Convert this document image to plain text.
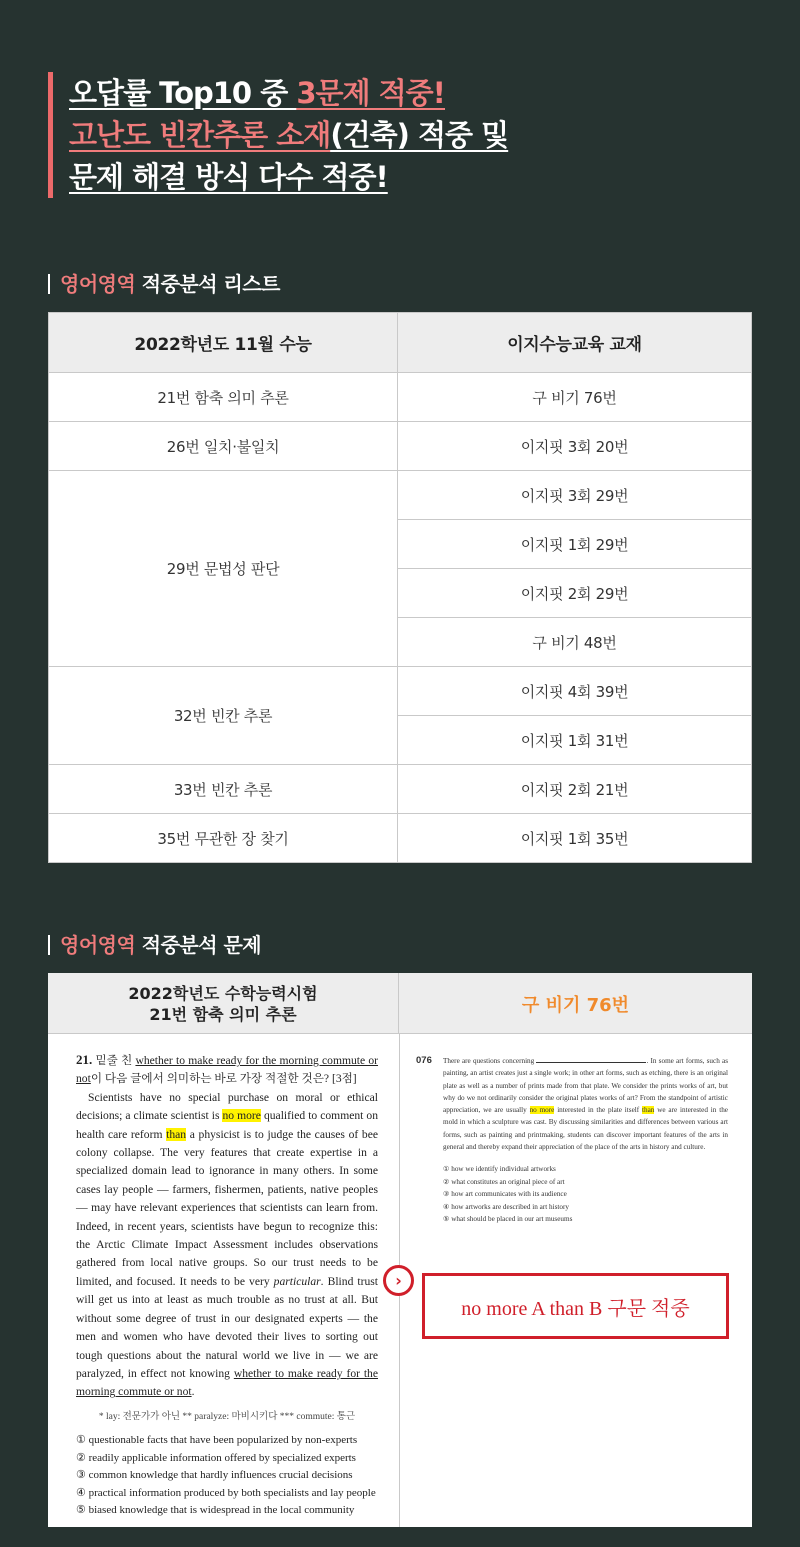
오답률 Top10 중 3문제 적중!
고난도 빈칸추론 소재(건축) 적중 및
문제 해결 방식 다수 적중!
영어영역 적중분석 리스트
2022학년도 11월 수능	이지수능교육 교재
21번 함축 의미 추론	구 비기 76번
26번 일치·불일치	이지핏 3회 20번
29번 문법성 판단	이지핏 3회 29번
	이지핏 1회 29번
	이지핏 2회 29번
	구 비기 48번
32번 빈칸 추론	이지핏 4회 39번
	이지핏 1회 31번
33번 빈칸 추론	이지핏 2회 21번
35번 무관한 장 찾기	이지핏 1회 35번
영어영역 적중분석 문제
2022학년도 수학능력시험
21번 함축 의미 추론	구 비기 76번
21. 밑줄 친 whether to make ready for the morning commute or not이 다음 글에서 의미하는 바로 가장 적절한 것은? [3점]

Scientists have no special purchase on moral or ethical decisions; a climate scientist is no more qualified to comment on health care reform than a physicist is to judge the causes of bee colony collapse. The very features that create expertise in a specialized domain lead to ignorance in many others. In some cases lay people — farmers, fishermen, patients, native peoples — may have relevant experiences that scientists can learn from. Indeed, in recent years, scientists have begun to recognize this: the Arctic Climate Impact Assessment includes observations gathered from local native groups. So our trust needs to be limited, and focused. It needs to be very particular. Blind trust will get us into at least as much trouble as no trust at all. But without some degree of trust in our designated experts — the men and women who have devoted their lives to sorting out tough questions about the natural world we live in — we are paralyzed, in effect not knowing whether to make ready for the morning commute or not.

* lay: 전문가가 아닌 ** paralyze: 마비시키다 *** commute: 통근
① questionable facts that have been popularized by non-experts
② readily applicable information offered by specialized experts
③ common knowledge that hardly influences crucial decisions
④ practical information produced by both specialists and lay people
⑤ biased knowledge that is widespread in the local community
076 There are questions concerning	. In some art forms, such as painting, an artist creates just a single work; in other art forms, such as etching, there is an original plate as well as a number of prints made from that plate. We consider the prints works of art, but why do we not ordinarily consider the original plates works of art? From the standpoint of artistic appreciation, we are usually no more interested in the plate itself than we are interested in the mold in which a sculpture was cast. By discussing similarities and differences between various art forms, such as painting and printmaking, students can discover important features of the arts in general and thereby expand their appreciation of the place of the arts in history and culture.
① how we identify individual artworks
② what constitutes an original piece of art
③ how art communicates with its audience
④ how artworks are described in art history
⑤ what should be placed in our art museums
›
no more A than B 구문 적중
